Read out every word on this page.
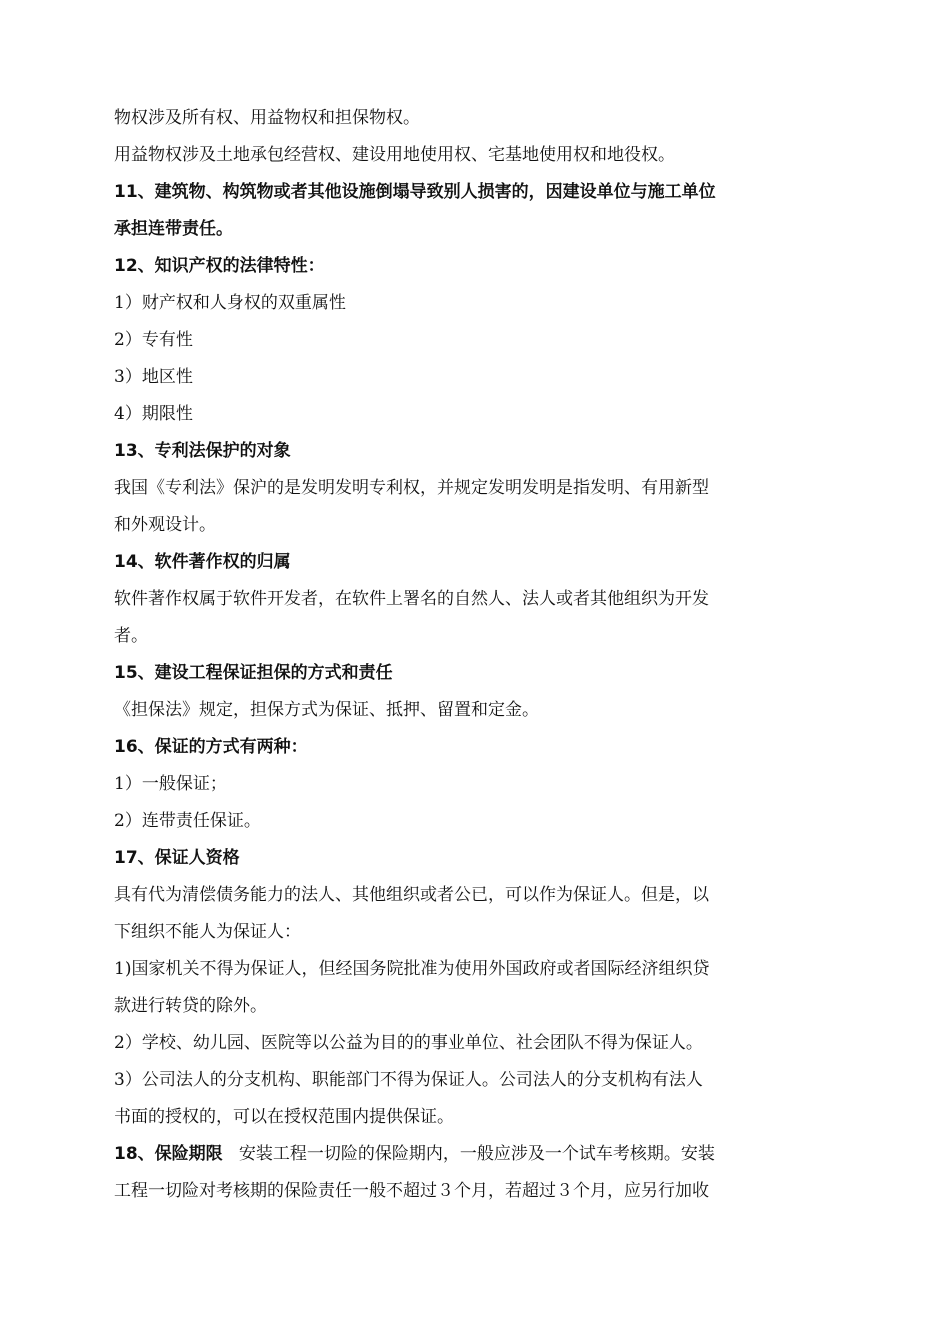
物权涉及所有权、用益物权和担保物权。
用益物权涉及土地承包经营权、建设用地使用权、宅基地使用权和地役权。
11、建筑物、构筑物或者其他设施倒塌导致别人损害的，因建设单位与施工单位
承担连带责任。
12、知识产权的法律特性：
1）财产权和人身权的双重属性
2）专有性
3）地区性
4）期限性
13、专利法保护的对象
我国《专利法》保沪的是发明发明专利权，并规定发明发明是指发明、有用新型
和外观设计。
14、软件著作权的归属
软件著作权属于软件开发者，在软件上署名的自然人、法人或者其他组织为开发
者。
15、建设工程保证担保的方式和责任
《担保法》规定，担保方式为保证、抵押、留置和定金。
16、保证的方式有两种：
1）一般保证；
2）连带责任保证。
17、保证人资格
具有代为清偿债务能力的法人、其他组织或者公已，可以作为保证人。但是，以
下组织不能人为保证人：
1)国家机关不得为保证人，但经国务院批准为使用外国政府或者国际经济组织贷
款进行转贷的除外。
2）学校、幼儿园、医院等以公益为目的的事业单位、社会团队不得为保证人。
3）公司法人的分支机构、职能部门不得为保证人。公司法人的分支机构有法人
书面的授权的，可以在授权范围内提供保证。
18、保险期限 安装工程一切险的保险期内，一般应涉及一个试车考核期。安装
工程一切险对考核期的保险责任一般不超过３个月，若超过３个月，应另行加收
